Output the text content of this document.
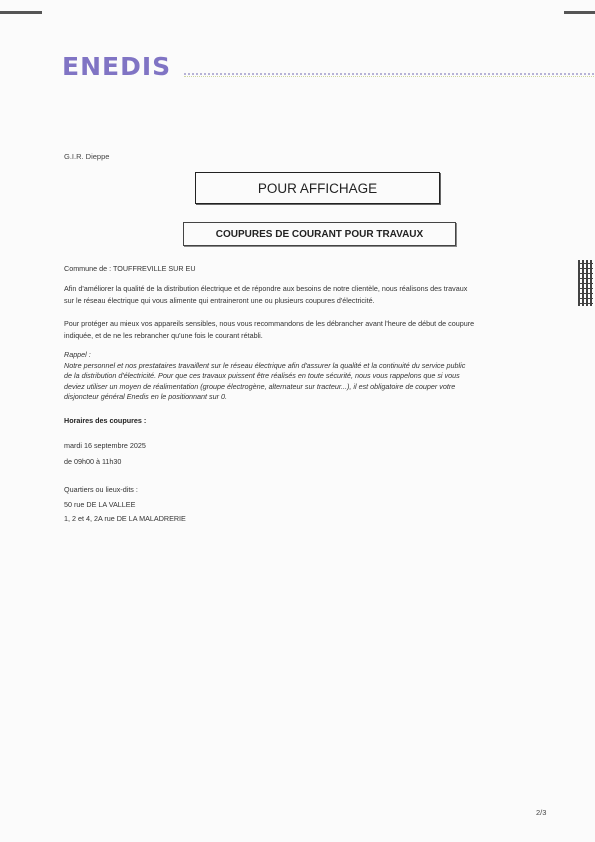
ENEDIS
G.I.R. Dieppe
POUR AFFICHAGE
COUPURES DE COURANT POUR TRAVAUX
Commune de : TOUFFREVILLE SUR EU
Afin d'améliorer la qualité de la distribution électrique et de répondre aux besoins de notre clientèle, nous réalisons des travaux
sur le réseau électrique qui vous alimente qui entraineront une ou plusieurs coupures d'électricité.
Pour protéger au mieux vos appareils sensibles, nous vous recommandons de les débrancher avant l'heure de début de coupure
indiquée, et de ne les rebrancher qu'une fois le courant rétabli.
Rappel :
Notre personnel et nos prestataires travaillent sur le réseau électrique afin d'assurer la qualité et la continuité du service public
de la distribution d'électricité. Pour que ces travaux puissent être réalisés en toute sécurité, nous vous rappelons que si vous
deviez utiliser un moyen de réalimentation (groupe électrogène, alternateur sur tracteur...), il est obligatoire de couper votre
disjoncteur général Enedis en le positionnant sur 0.
Horaires des coupures :
mardi 16 septembre 2025
de 09h00 à 11h30
Quartiers ou lieux-dits :
50 rue DE LA VALLEE
1, 2 et 4, 2A rue DE LA MALADRERIE
2/3
